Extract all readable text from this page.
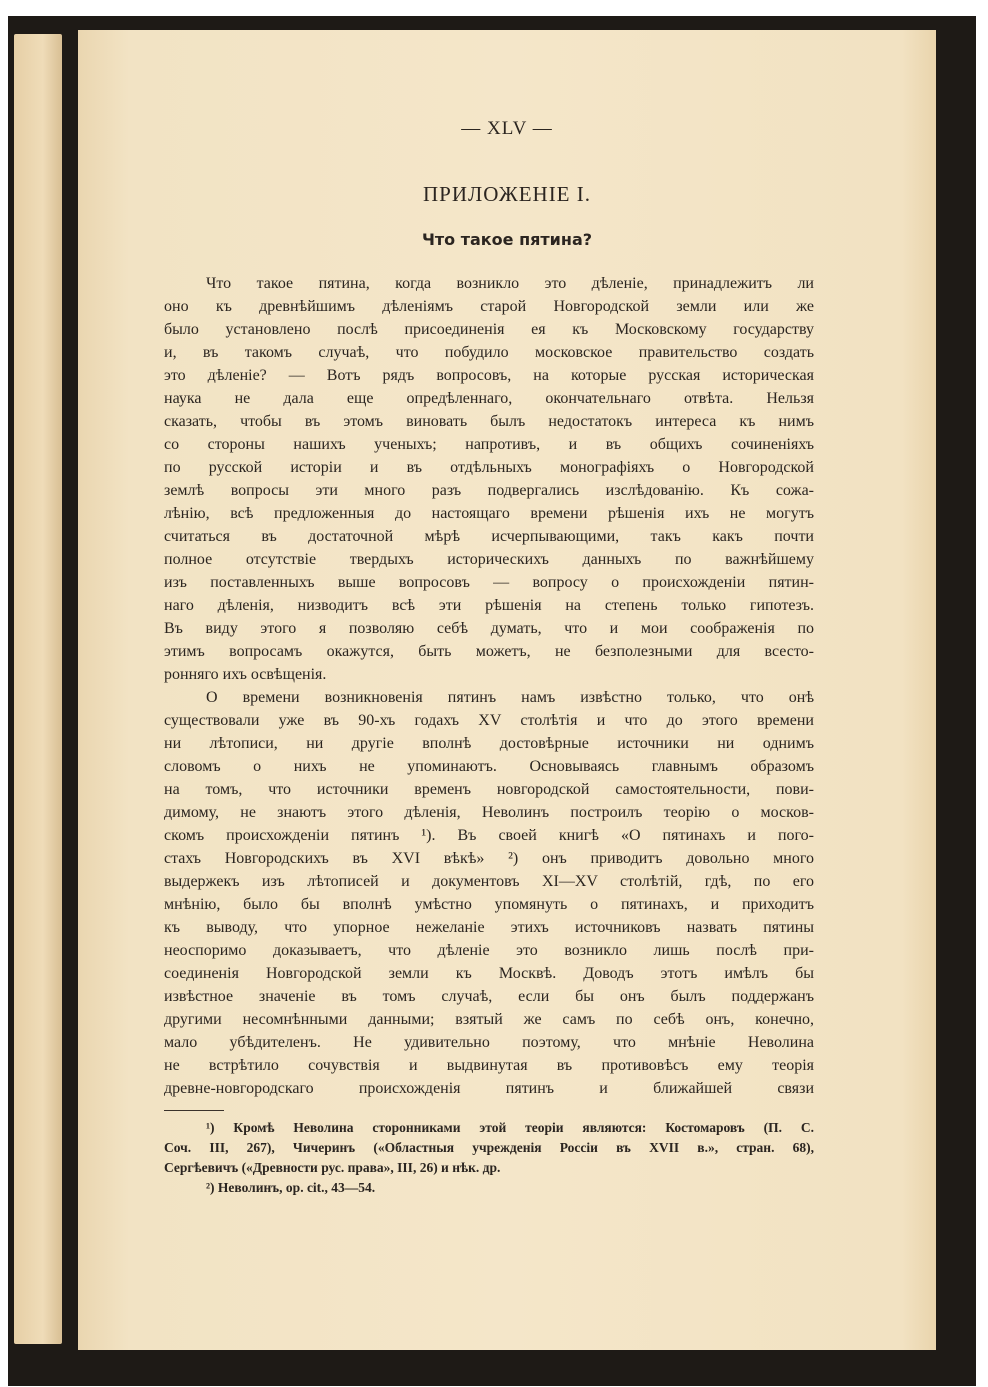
— XLV —
ПРИЛОЖЕНІЕ I.
Что такое пятина?
Что такое пятина, когда возникло это дѣленіе, принадлежитъ ли
оно къ древнѣйшимъ дѣленіямъ старой Новгородской земли или же
было установлено послѣ присоединенія ея къ Московскому государству
и, въ такомъ случаѣ, что побудило московское правительство создать
это дѣленіе? — Вотъ рядъ вопросовъ, на которые русская историческая
наука не дала еще опредѣленнаго, окончательнаго отвѣта. Нельзя
сказать, чтобы въ этомъ виновать былъ недостатокъ интереса къ нимъ
со стороны нашихъ ученыхъ; напротивъ, и въ общихъ сочиненіяхъ
по русской исторіи и въ отдѣльныхъ монографіяхъ о Новгородской
землѣ вопросы эти много разъ подвергались изслѣдованію. Къ сожа-
лѣнію, всѣ предложенныя до настоящаго времени рѣшенія ихъ не могутъ
считаться въ достаточной мѣрѣ исчерпывающими, такъ какъ почти
полное отсутствіе твердыхъ историческихъ данныхъ по важнѣйшему
изъ поставленныхъ выше вопросовъ — вопросу о происхожденіи пятин-
наго дѣленія, низводитъ всѣ эти рѣшенія на степень только гипотезъ.
Въ виду этого я позволяю себѣ думать, что и мои соображенія по
этимъ вопросамъ окажутся, быть можетъ, не безполезными для всесто-
ронняго ихъ освѣщенія.
О времени возникновенія пятинъ намъ извѣстно только, что онѣ
существовали уже въ 90-хъ годахъ XV столѣтія и что до этого времени
ни лѣтописи, ни другіе вполнѣ достовѣрные источники ни однимъ
словомъ о нихъ не упоминаютъ. Основываясь главнымъ образомъ
на томъ, что источники временъ новгородской самостоятельности, пови-
димому, не знаютъ этого дѣленія, Неволинъ построилъ теорію о москов-
скомъ происхожденіи пятинъ ¹). Въ своей книгѣ «О пятинахъ и пого-
стахъ Новгородскихъ въ XVI вѣкѣ» ²) онъ приводитъ довольно много
выдержекъ изъ лѣтописей и документовъ XI—XV столѣтій, гдѣ, по его
мнѣнію, было бы вполнѣ умѣстно упомянуть о пятинахъ, и приходитъ
къ выводу, что упорное нежеланіе этихъ источниковъ назвать пятины
неоспоримо доказываетъ, что дѣленіе это возникло лишь послѣ при-
соединенія Новгородской земли къ Москвѣ. Доводъ этотъ имѣлъ бы
извѣстное значеніе въ томъ случаѣ, если бы онъ былъ поддержанъ
другими несомнѣнными данными; взятый же самъ по себѣ онъ, конечно,
мало убѣдителенъ. Не удивительно поэтому, что мнѣніе Неволина
не встрѣтило сочувствія и выдвинутая въ противовѣсъ ему теорія
древне-новгородскаго происхожденія пятинъ и ближайшей связи
¹) Кромѣ Неволина сторонниками этой теоріи являются: Костомаровъ (П. С.
Соч. III, 267), Чичеринъ («Областныя учрежденія Россіи въ XVII в.», стран. 68),
Сергѣевичъ («Древности рус. права», III, 26) и нѣк. др.
²) Неволинъ, op. cit., 43—54.
